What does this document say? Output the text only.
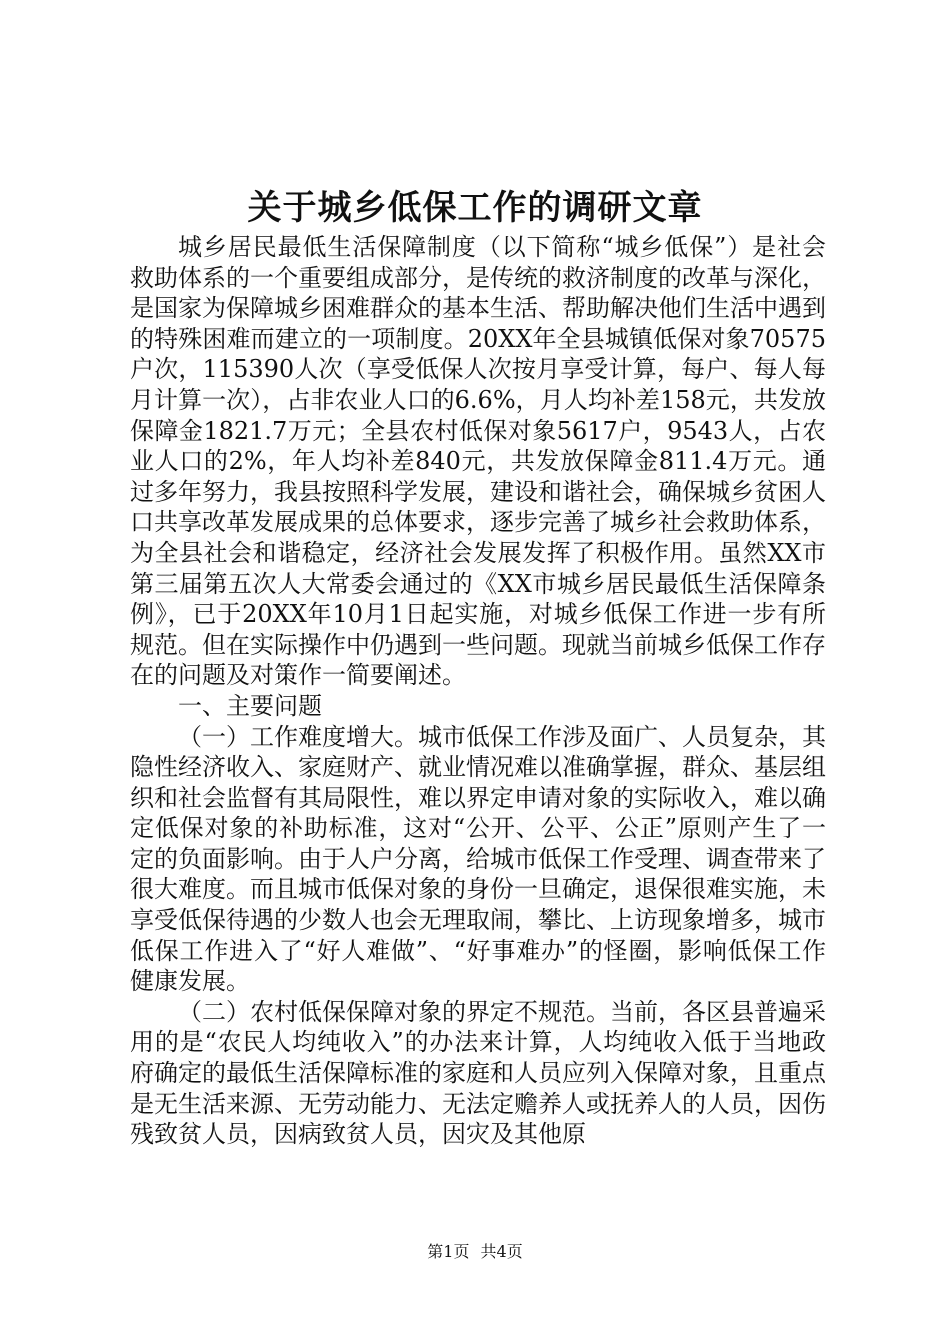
关于城乡低保工作的调研文章

城乡居民最低生活保障制度（以下简称“城乡低保”）是社会救助体系的一个重要组成部分，是传统的救济制度的改革与深化，是国家为保障城乡困难群众的基本生活、帮助解决他们生活中遇到的特殊困难而建立的一项制度。20XX年全县城镇低保对象70575户次，115390人次（享受低保人次按月享受计算，每户、每人每月计算一次），占非农业人口的6.6%，月人均补差158元，共发放保障金1821.7万元；全县农村低保对象5617户，9543人，占农业人口的2%，年人均补差840元，共发放保障金811.4万元。通过多年努力，我县按照科学发展，建设和谐社会，确保城乡贫困人口共享改革发展成果的总体要求，逐步完善了城乡社会救助体系，为全县社会和谐稳定，经济社会发展发挥了积极作用。虽然XX市第三届第五次人大常委会通过的《XX市城乡居民最低生活保障条例》，已于20XX年10月1日起实施，对城乡低保工作进一步有所规范。但在实际操作中仍遇到一些问题。现就当前城乡低保工作存在的问题及对策作一简要阐述。

一、主要问题

（一）工作难度增大。城市低保工作涉及面广、人员复杂，其隐性经济收入、家庭财产、就业情况难以准确掌握，群众、基层组织和社会监督有其局限性，难以界定申请对象的实际收入，难以确定低保对象的补助标准，这对“公开、公平、公正”原则产生了一定的负面影响。由于人户分离，给城市低保工作受理、调查带来了很大难度。而且城市低保对象的身份一旦确定，退保很难实施，未享受低保待遇的少数人也会无理取闹，攀比、上访现象增多，城市低保工作进入了“好人难做”、“好事难办”的怪圈，影响低保工作健康发展。

（二）农村低保保障对象的界定不规范。当前，各区县普遍采用的是“农民人均纯收入”的办法来计算，人均纯收入低于当地政府确定的最低生活保障标准的家庭和人员应列入保障对象，且重点是无生活来源、无劳动能力、无法定赡养人或抚养人的人员，因伤残致贫人员，因病致贫人员，因灾及其他原

第1页 共4页
